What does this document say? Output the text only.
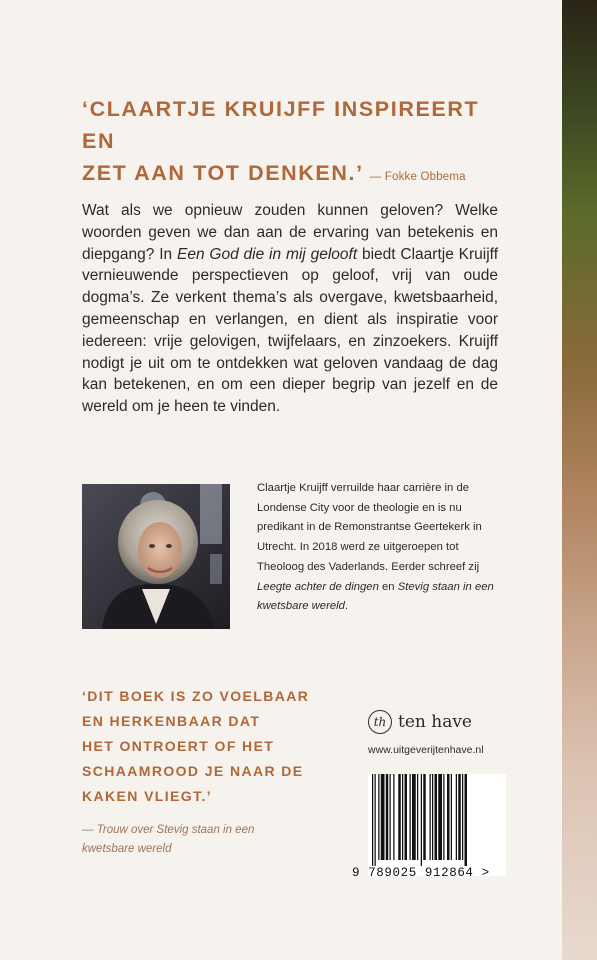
‘CLAARTJE KRUIJFF INSPIREERT EN
ZET AAN TOT DENKEN.’ — Fokke Obbema
Wat als we opnieuw zouden kunnen geloven? Welke woorden geven we dan aan de ervaring van betekenis en diepgang? In Een God die in mij gelooft biedt Claartje Kruijff vernieuwende perspectieven op geloof, vrij van oude dogma’s. Ze verkent thema’s als overgave, kwetsbaarheid, gemeenschap en verlangen, en dient als inspiratie voor iedereen: vrije gelovigen, twijfelaars, en zinzoekers. Kruijff nodigt je uit om te ontdekken wat geloven vandaag de dag kan betekenen, en om een dieper begrip van jezelf en de wereld om je heen te vinden.
Claartje Kruijff verruilde haar carrière in de Londense City voor de theologie en is nu predikant in de Remonstrantse Geertekerk in Utrecht. In 2018 werd ze uitgeroepen tot Theoloog des Vaderlands. Eerder schreef zij Leegte achter de dingen en Stevig staan in een kwetsbare wereld.
‘DIT BOEK IS ZO VOELBAAR
EN HERKENBAAR DAT
HET ONTROERT OF HET
SCHAAMROOD JE NAAR DE
KAKEN VLIEGT.’
— Trouw over Stevig staan in een kwetsbare wereld
th ten have
www.uitgeverijtenhave.nl
9 789025 912864 >
